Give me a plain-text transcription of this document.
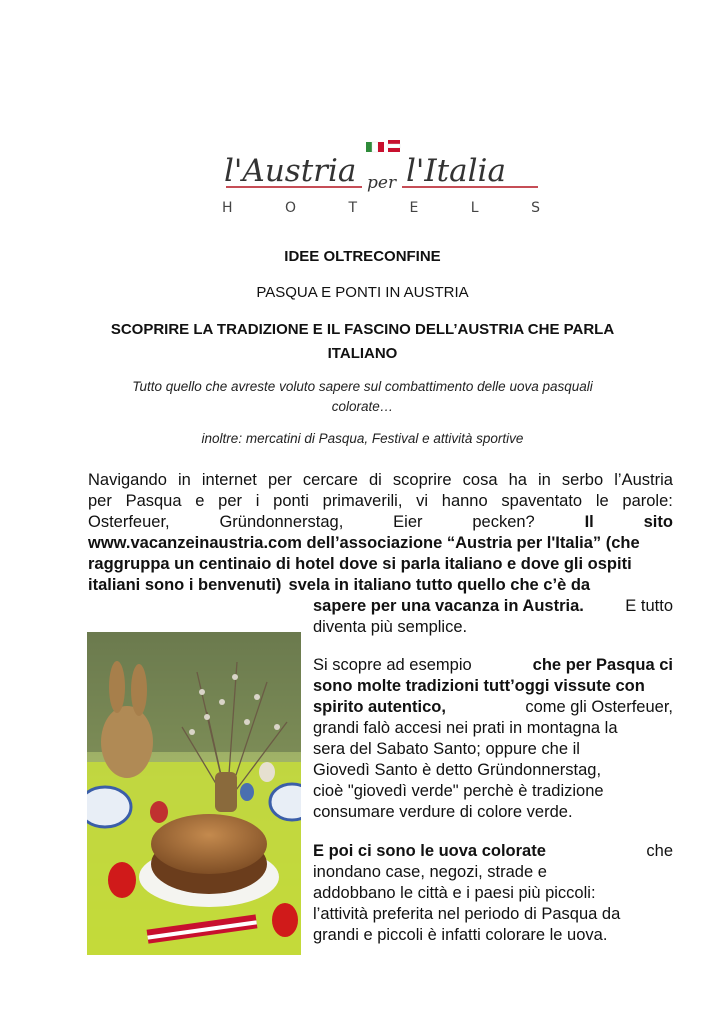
l'Austria per l'Italia
H	O	T	E	L	S
IDEE OLTRECONFINE
PASQUA E PONTI IN AUSTRIA
SCOPRIRE LA TRADIZIONE E IL FASCINO DELL’AUSTRIA CHE PARLA
ITALIANO
Tutto quello che avreste voluto sapere sul combattimento delle uova pasquali
colorate…
inoltre: mercatini di Pasqua, Festival e attività sportive
Navigando in internet per cercare di scoprire cosa ha in serbo l’Austria
per Pasqua e per i ponti primaverili, vi hanno spaventato le parole:
Osterfeuer,	Gründonnerstag,	Eier	pecken?	Il	sito
www.vacanzeinaustria.com dell’associazione “Austria per l'Italia” (che
raggruppa un centinaio di hotel dove si parla italiano e dove gli ospiti
italiani sono i benvenuti) svela in italiano tutto quello che c’è da
sapere per una vacanza in Austria.	E tutto
diventa più semplice.
Si scopre ad esempio	che per Pasqua ci
sono molte tradizioni tutt’oggi vissute con
spirito autentico,	come gli Osterfeuer,
grandi falò accesi nei prati in montagna la
sera del Sabato Santo; oppure che il
Giovedì Santo è detto Gründonnerstag,
cioè "giovedì verde" perchè è tradizione
consumare verdure di colore verde.
E poi ci sono le uova colorate	che
inondano case, negozi, strade e
addobbano le città e i paesi più piccoli:
l’attività preferita nel periodo di Pasqua da
grandi e piccoli è infatti colorare le uova.
